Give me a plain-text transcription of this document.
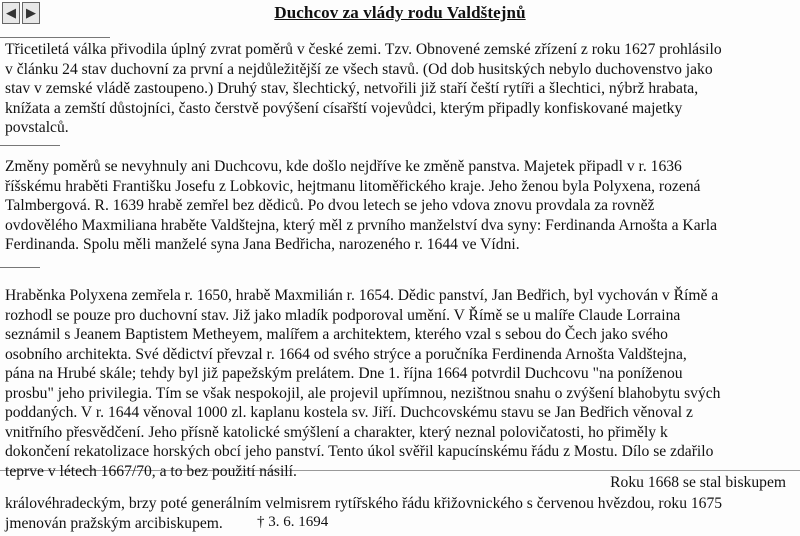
◀ ▶	Duchcov za vlády rodu Valdštejnů
Třicetiletá válka přivodila úplný zvrat poměrů v české zemi. Tzv. Obnovené zemské zřízení z roku 1627 prohlásilo
v článku 24 stav duchovní za první a nejdůležitější ze všech stavů. (Od dob husitských nebylo duchovenstvo jako
stav v zemské vládě zastoupeno.) Druhý stav, šlechtický, netvořili již staří čeští rytíři a šlechtici, nýbrž hrabata,
knížata a zemští důstojníci, často čerstvě povýšení císařští vojevůdci, kterým připadly konfiskované majetky
povstalců.
Změny poměrů se nevyhnuly ani Duchcovu, kde došlo nejdříve ke změně panstva. Majetek připadl v r. 1636
říšskému hraběti Františku Josefu z Lobkovic, hejtmanu litoměřického kraje. Jeho ženou byla Polyxena, rozená
Talmbergová. R. 1639 hrabě zemřel bez dědiců. Po dvou letech se jeho vdova znovu provdala za rovněž
ovdovělého Maxmiliana hraběte Valdštejna, který měl z prvního manželství dva syny: Ferdinanda Arnošta a Karla
Ferdinanda. Spolu měli manželé syna Jana Bedřicha, narozeného r. 1644 ve Vídni.
Hraběnka Polyxena zemřela r. 1650, hrabě Maxmilián r. 1654. Dědic panství, Jan Bedřich, byl vychován v Římě a
rozhodl se pouze pro duchovní stav. Již jako mladík podporoval umění. V Římě se u malíře Claude Lorraina
seznámil s Jeanem Baptistem Metheyem, malířem a architektem, kterého vzal s sebou do Čech jako svého
osobního architekta. Své dědictví převzal r. 1664 od svého strýce a poručníka Ferdinenda Arnošta Valdštejna,
pána na Hrubé skále; tehdy byl již papežským prelátem. Dne 1. října 1664 potvrdil Duchcovu "na poníženou
prosbu" jeho privilegia. Tím se však nespokojil, ale projevil upřímnou, nezištnou snahu o zvýšení blahobytu svých
poddaných. V r. 1644 věnoval 1000 zl. kaplanu kostela sv. Jiří. Duchcovskému stavu se Jan Bedřich věnoval z
vnitřního přesvědčení. Jeho přísně katolické smýšlení a charakter, který neznal polovičatosti, ho přiměly k
dokončení rekatolizace horských obcí jeho panství. Tento úkol svěřil kapucínskému řádu z Mostu. Dílo se zdařilo
teprve v létech 1667/70, a to bez použití násilí.
Roku 1668 se stal biskupem
královéhradeckým, brzy poté generálním velmisrem rytířského řádu křižovnického s červenou hvězdou, roku 1675
jmenován pražským arcibiskupem.	† 3. 6. 1694
